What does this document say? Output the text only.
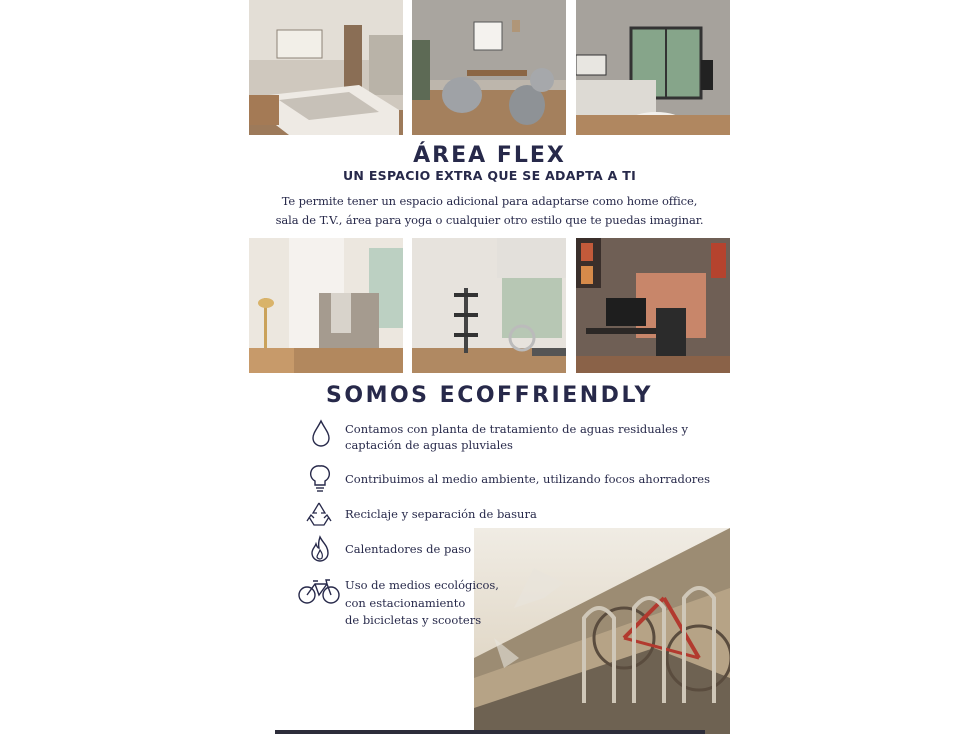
ÁREA FLEX
UN ESPACIO EXTRA QUE SE ADAPTA A TI
Te permite tener un espacio adicional para adaptarse como home office,
sala de T.V., área para yoga o cualquier otro estilo que te puedas imaginar.
SOMOS ECOFFRIENDLY
Contamos con planta de tratamiento de aguas residuales y
captación de aguas pluviales
Contribuimos al medio ambiente, utilizando focos ahorradores
Reciclaje y separación de basura
Calentadores de paso
Uso de medios ecológicos,
con estacionamiento
de bicicletas y scooters
